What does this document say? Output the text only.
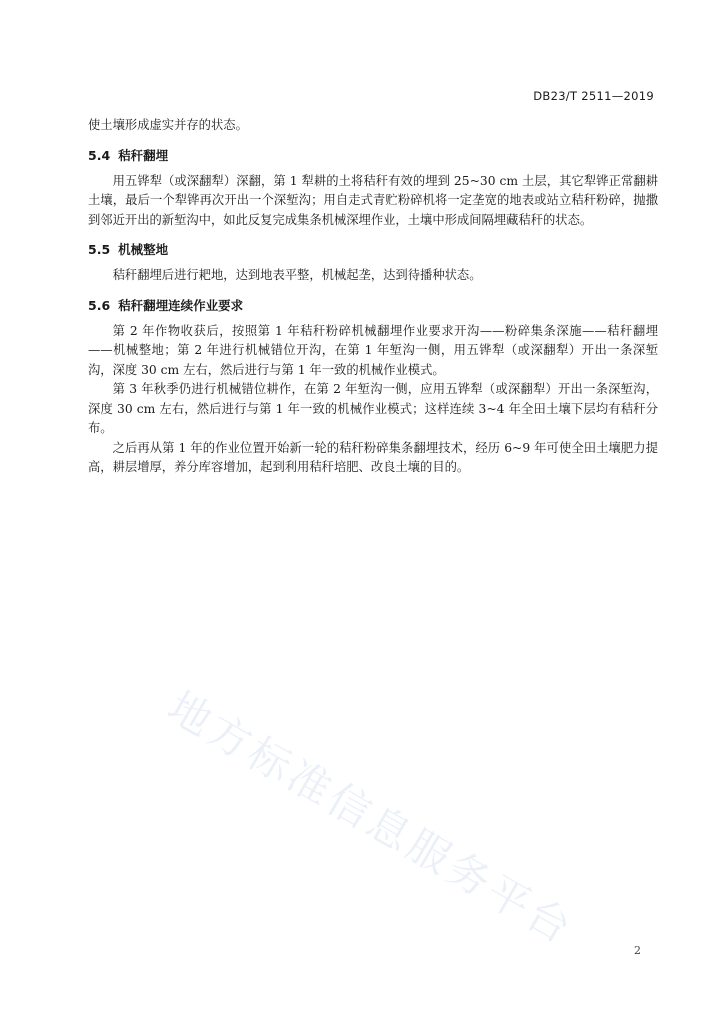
DB23/T 2511—2019

使土壤形成虚实并存的状态。

5.4 秸秆翻埋

用五铧犁（或深翻犁）深翻，第 1 犁耕的土将秸秆有效的埋到 25~30 cm 土层，其它犁铧正常翻耕土壤，最后一个犁铧再次开出一个深堑沟；用自走式青贮粉碎机将一定垄宽的地表或站立秸秆粉碎，抛撒到邻近开出的新堑沟中，如此反复完成集条机械深埋作业，土壤中形成间隔埋藏秸秆的状态。

5.5 机械整地

秸秆翻埋后进行耙地，达到地表平整，机械起垄，达到待播种状态。

5.6 秸秆翻埋连续作业要求

第 2 年作物收获后，按照第 1 年秸秆粉碎机械翻埋作业要求开沟——粉碎集条深施——秸秆翻埋——机械整地；第 2 年进行机械错位开沟，在第 1 年堑沟一侧，用五铧犁（或深翻犁）开出一条深堑沟，深度 30 cm 左右，然后进行与第 1 年一致的机械作业模式。

第 3 年秋季仍进行机械错位耕作，在第 2 年堑沟一侧，应用五铧犁（或深翻犁）开出一条深堑沟，深度 30 cm 左右，然后进行与第 1 年一致的机械作业模式；这样连续 3~4 年全田土壤下层均有秸秆分布。

之后再从第 1 年的作业位置开始新一轮的秸秆粉碎集条翻埋技术，经历 6~9 年可使全田土壤肥力提高，耕层增厚，养分库容增加，起到利用秸秆培肥、改良土壤的目的。

地方标准信息服务平台	2
